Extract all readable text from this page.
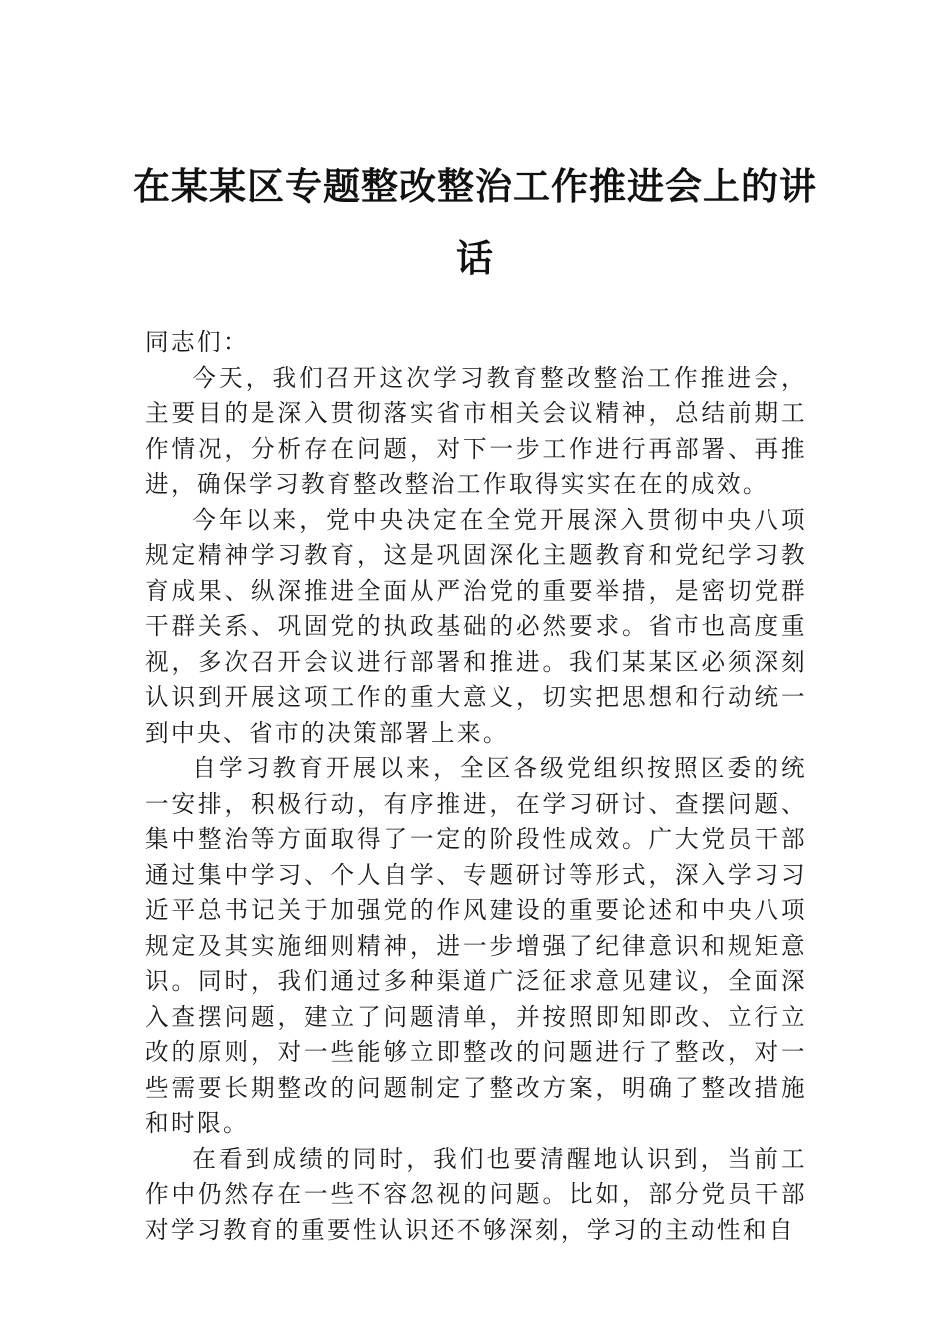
在某某区专题整改整治工作推进会上的讲话

同志们：

今天，我们召开这次学习教育整改整治工作推进会，主要目的是深入贯彻落实省市相关会议精神，总结前期工作情况，分析存在问题，对下一步工作进行再部署、再推进，确保学习教育整改整治工作取得实实在在的成效。

今年以来，党中央决定在全党开展深入贯彻中央八项规定精神学习教育，这是巩固深化主题教育和党纪学习教育成果、纵深推进全面从严治党的重要举措，是密切党群干群关系、巩固党的执政基础的必然要求。省市也高度重视，多次召开会议进行部署和推进。我们某某区必须深刻认识到开展这项工作的重大意义，切实把思想和行动统一到中央、省市的决策部署上来。

自学习教育开展以来，全区各级党组织按照区委的统一安排，积极行动，有序推进，在学习研讨、查摆问题、集中整治等方面取得了一定的阶段性成效。广大党员干部通过集中学习、个人自学、专题研讨等形式，深入学习习近平总书记关于加强党的作风建设的重要论述和中央八项规定及其实施细则精神，进一步增强了纪律意识和规矩意识。同时，我们通过多种渠道广泛征求意见建议，全面深入查摆问题，建立了问题清单，并按照即知即改、立行立改的原则，对一些能够立即整改的问题进行了整改，对一些需要长期整改的问题制定了整改方案，明确了整改措施和时限。

在看到成绩的同时，我们也要清醒地认识到，当前工作中仍然存在一些不容忽视的问题。比如，部分党员干部对学习教育的重要性认识还不够深刻，学习的主动性和自
